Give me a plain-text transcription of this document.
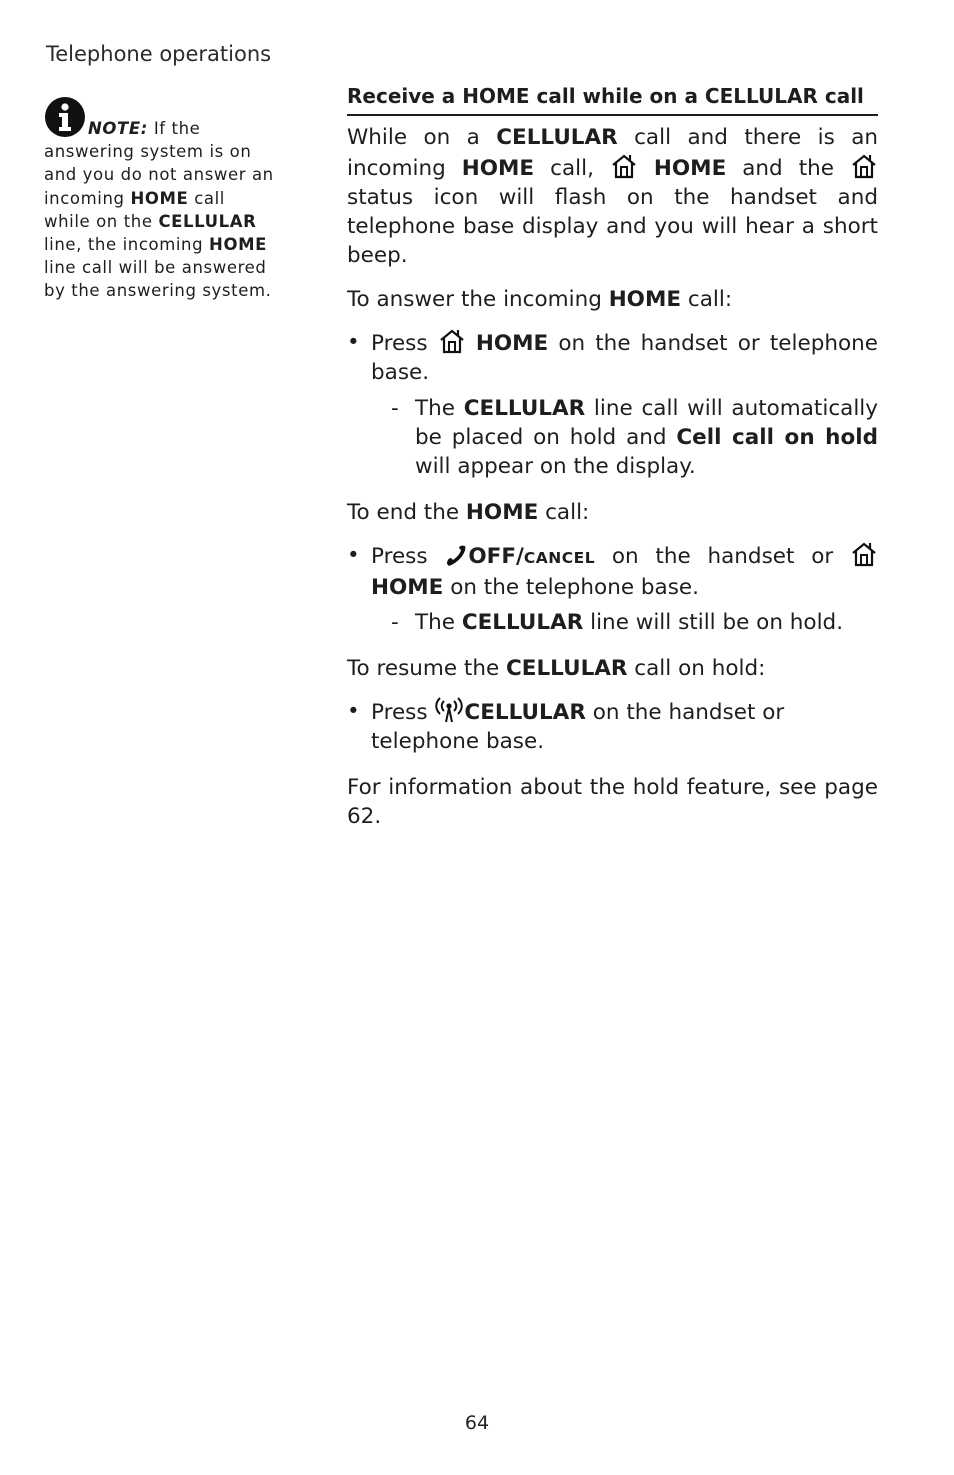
Telephone operations
NOTE: If the answering system is on and you do not answer an incoming HOME call while on the CELLULAR line, the incoming HOME line call will be answered by the answering system.
Receive a HOME call while on a CELLULAR call

While on a CELLULAR call and there is an incoming HOME call,  HOME and the  status icon will flash on the handset and telephone base display and you will hear a short beep.

To answer the incoming HOME call:

• Press  HOME on the handset or telephone base.
- The CELLULAR line call will automatically be placed on hold and Cell call on hold will appear on the display.

To end the HOME call:

• Press OFF/CANCEL on the handset or  HOME on the telephone base.
- The CELLULAR line will still be on hold.

To resume the CELLULAR call on hold:

• Press CELLULAR on the handset or telephone base.

For information about the hold feature, see page 62.

64
